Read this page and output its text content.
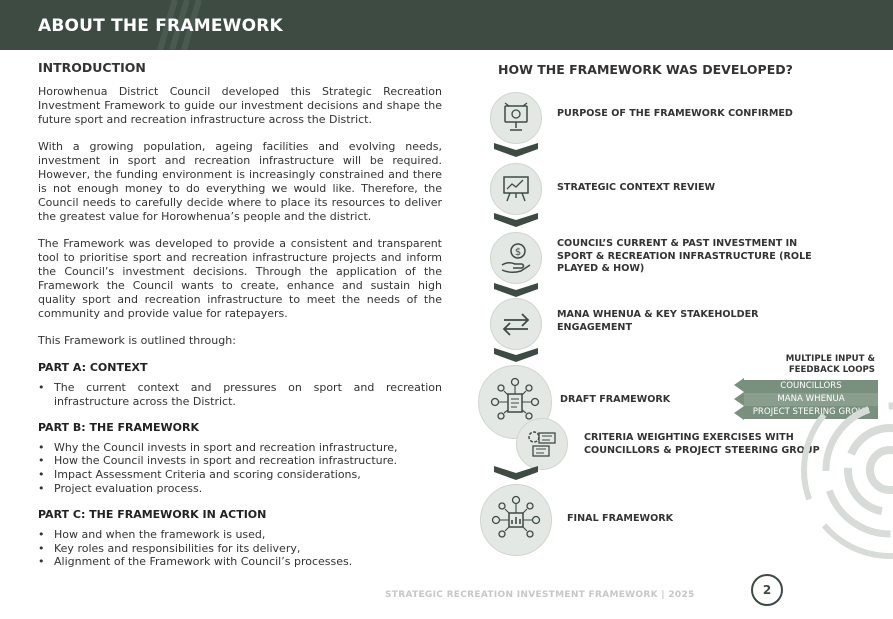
ABOUT THE FRAMEWORK
INTRODUCTION

Horowhenua District Council developed this Strategic Recreation Investment Framework to guide our investment decisions and shape the future sport and recreation infrastructure across the District.

With a growing population, ageing facilities and evolving needs, investment in sport and recreation infrastructure will be required. However, the funding environment is increasingly constrained and there is not enough money to do everything we would like. Therefore, the Council needs to carefully decide where to place its resources to deliver the greatest value for Horowhenua’s people and the district.

The Framework was developed to provide a consistent and transparent tool to prioritise sport and recreation infrastructure projects and inform the Council’s investment decisions. Through the application of the Framework the Council wants to create, enhance and sustain high quality sport and recreation infrastructure to meet the needs of the community and provide value for ratepayers.

This Framework is outlined through:

PART A: CONTEXT
• The current context and pressures on sport and recreation infrastructure across the District.
PART B: THE FRAMEWORK
• Why the Council invests in sport and recreation infrastructure,
• How the Council invests in sport and recreation infrastructure.
• Impact Assessment Criteria and scoring considerations,
• Project evaluation process.
PART C: THE FRAMEWORK IN ACTION
• How and when the framework is used,
• Key roles and responsibilities for its delivery,
• Alignment of the Framework with Council’s processes.
HOW THE FRAMEWORK WAS DEVELOPED?
PURPOSE OF THE FRAMEWORK CONFIRMED
STRATEGIC CONTEXT REVIEW
$
COUNCIL’S CURRENT & PAST INVESTMENT IN SPORT & RECREATION INFRASTRUCTURE (ROLE PLAYED & HOW)
MANA WHENUA & KEY STAKEHOLDER ENGAGEMENT
DRAFT FRAMEWORK
MULTIPLE INPUT & FEEDBACK LOOPS
COUNCILLORS
MANA WHENUA
PROJECT STEERING GROUP
CRITERIA WEIGHTING EXERCISES WITH COUNCILLORS & PROJECT STEERING GROUP
FINAL FRAMEWORK
STRATEGIC RECREATION INVESTMENT FRAMEWORK | 2025	2
